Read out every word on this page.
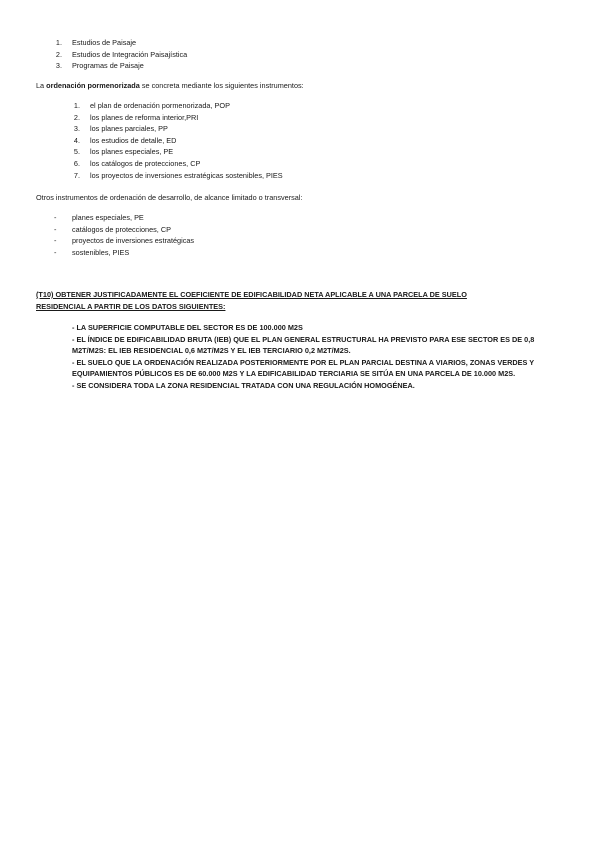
1. Estudios de Paisaje
2. Estudios de Integración Paisajística
3. Programas de Paisaje

La ordenación pormenorizada se concreta mediante los siguientes instrumentos:

1. el plan de ordenación pormenorizada, POP
2. los planes de reforma interior,PRI
3. los planes parciales, PP
4. los estudios de detalle, ED
5. los planes especiales, PE
6. los catálogos de protecciones, CP
7. los proyectos de inversiones estratégicas sostenibles, PIES

Otros instrumentos de ordenación de desarrollo, de alcance limitado o transversal:

-	planes especiales, PE
-	catálogos de protecciones, CP
-	proyectos de inversiones estratégicas
-	sostenibles, PIES
(T10) OBTENER JUSTIFICADAMENTE EL COEFICIENTE DE EDIFICABILIDAD NETA APLICABLE A UNA PARCELA DE SUELO
RESIDENCIAL A PARTIR DE LOS DATOS SIGUIENTES:

- LA SUPERFICIE COMPUTABLE DEL SECTOR ES DE 100.000 M2S

- EL ÍNDICE DE EDIFICABILIDAD BRUTA (IEB) QUE EL PLAN GENERAL ESTRUCTURAL HA PREVISTO PARA ESE SECTOR ES DE 0,8 M2T/M2S: EL IEB RESIDENCIAL 0,6 M2T/M2S Y EL IEB TERCIARIO 0,2 M2T/M2S.

- EL SUELO QUE LA ORDENACIÓN REALIZADA POSTERIORMENTE POR EL PLAN PARCIAL DESTINA A VIARIOS, ZONAS VERDES Y EQUIPAMIENTOS PÚBLICOS ES DE 60.000 M2S Y LA EDIFICABILIDAD TERCIARIA SE SITÚA EN UNA PARCELA DE 10.000 M2S.

- SE CONSIDERA TODA LA ZONA RESIDENCIAL TRATADA CON UNA REGULACIÓN HOMOGÉNEA.
